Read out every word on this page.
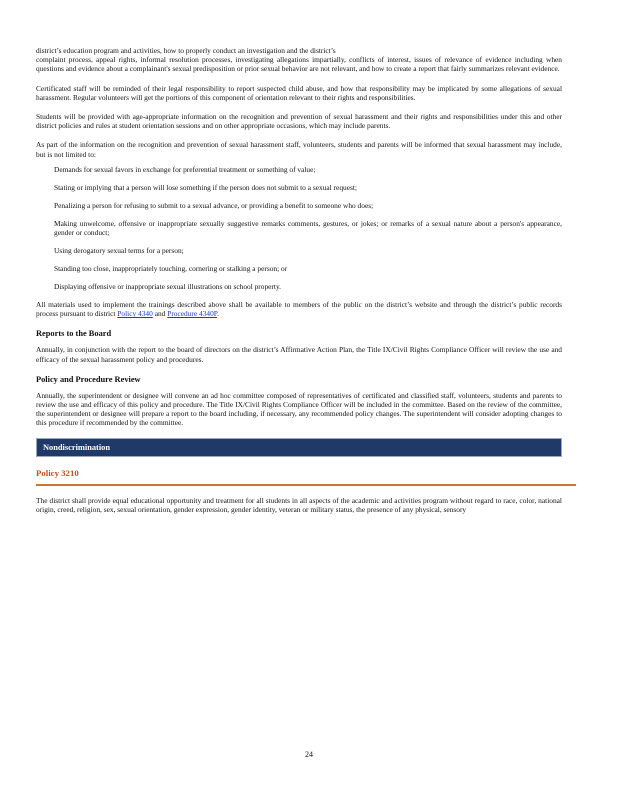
district’s education program and activities, how to properly conduct an investigation and the district’s
complaint process, appeal rights, informal resolution processes, investigating allegations impartially, conflicts of interest, issues of relevance of evidence including when questions and evidence about a complainant's sexual predisposition or prior sexual behavior are not relevant, and how to create a report that fairly summarizes relevant evidence.

Certificated staff will be reminded of their legal responsibility to report suspected child abuse, and how that responsibility may be implicated by some allegations of sexual harassment. Regular volunteers will get the portions of this component of orientation relevant to their rights and responsibilities.

Students will be provided with age-appropriate information on the recognition and prevention of sexual harassment and their rights and responsibilities under this and other district policies and rules at student orientation sessions and on other appropriate occasions, which may include parents.

As part of the information on the recognition and prevention of sexual harassment staff, volunteers, students and parents will be informed that sexual harassment may include, but is not limited to:

Demands for sexual favors in exchange for preferential treatment or something of value;
Stating or implying that a person will lose something if the person does not submit to a sexual request;
Penalizing a person for refusing to submit to a sexual advance, or providing a benefit to someone who does;
Making unwelcome, offensive or inappropriate sexually suggestive remarks comments, gestures, or jokes; or remarks of a sexual nature about a person's appearance, gender or conduct;
Using derogatory sexual terms for a person;
Standing too close, inappropriately touching, cornering or stalking a person; or
Displaying offensive or inappropriate sexual illustrations on school property.

All materials used to implement the trainings described above shall be available to members of the public on the district’s website and through the district’s public records process pursuant to district Policy 4340 and Procedure 4340P.

Reports to the Board

Annually, in conjunction with the report to the board of directors on the district’s Affirmative Action Plan, the Title IX/Civil Rights Compliance Officer will review the use and efficacy of the sexual harassment policy and procedures.

Policy and Procedure Review

Annually, the superintendent or designee will convene an ad hoc committee composed of representatives of certificated and classified staff, volunteers, students and parents to review the use and efficacy of this policy and procedure. The Title IX/Civil Rights Compliance Officer will be included in the committee. Based on the review of the committee, the superintendent or designee will prepare a report to the board including, if necessary, any recommended policy changes. The superintendent will consider adopting changes to this procedure if recommended by the committee.

Nondiscrimination
Policy 3210

The district shall provide equal educational opportunity and treatment for all students in all aspects of the academic and activities program without regard to race, color, national origin, creed, religion, sex, sexual orientation, gender expression, gender identity, veteran or military status, the presence of any physical, sensory

24
